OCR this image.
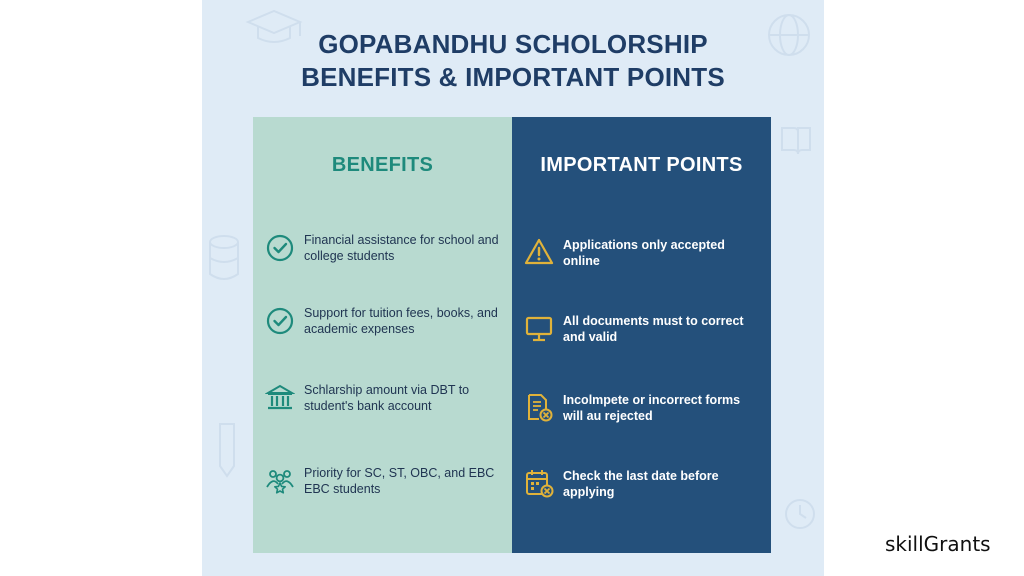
GOPABANDHU SCHOLORSHIP
BENEFITS & IMPORTANT POINTS
BENEFITS
Financial assistance for school and college students
Support for tuition fees, books, and academic expenses
Schlarship amount via DBT to student's bank account
Priority for SC, ST, OBC, and EBC EBC students
IMPORTANT POINTS
Applications only accepted online
All documents must to correct and valid
Incolmpete or incorrect forms will au rejected
Check the last date before applying
skillGrants
